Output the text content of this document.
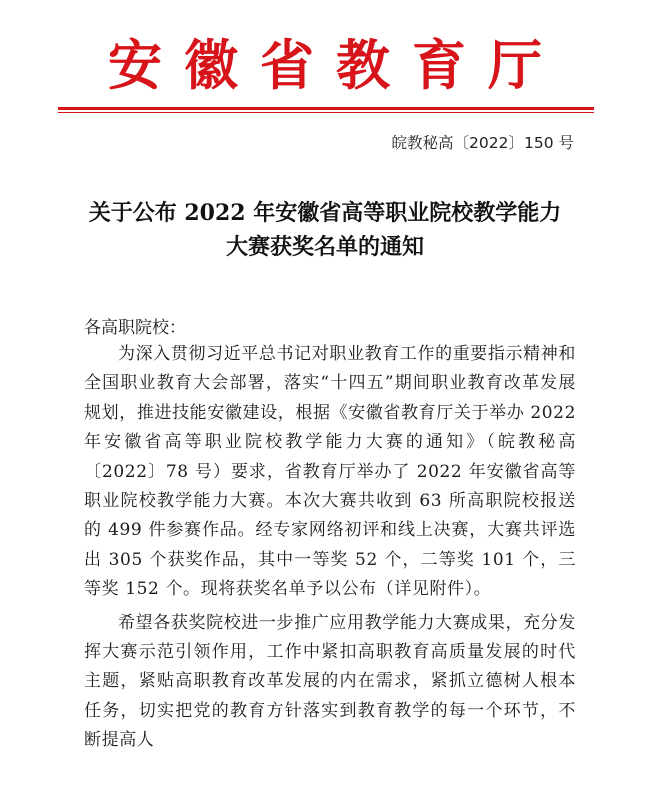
安徽省教育厅
皖教秘高〔2022〕150 号
关于公布 2022 年安徽省高等职业院校教学能力
大赛获奖名单的通知
各高职院校：

为深入贯彻习近平总书记对职业教育工作的重要指示精神和全国职业教育大会部署，落实“十四五”期间职业教育改革发展规划，推进技能安徽建设，根据《安徽省教育厅关于举办 2022 年安徽省高等职业院校教学能力大赛的通知》（皖教秘高〔2022〕78 号）要求，省教育厅举办了 2022 年安徽省高等职业院校教学能力大赛。本次大赛共收到 63 所高职院校报送的 499 件参赛作品。经专家网络初评和线上决赛，大赛共评选出 305 个获奖作品，其中一等奖 52 个，二等奖 101 个，三等奖 152 个。现将获奖名单予以公布（详见附件）。

希望各获奖院校进一步推广应用教学能力大赛成果，充分发挥大赛示范引领作用，工作中紧扣高职教育高质量发展的时代主题，紧贴高职教育改革发展的内在需求，紧抓立德树人根本任务，切实把党的教育方针落实到教育教学的每一个环节，不断提高人
